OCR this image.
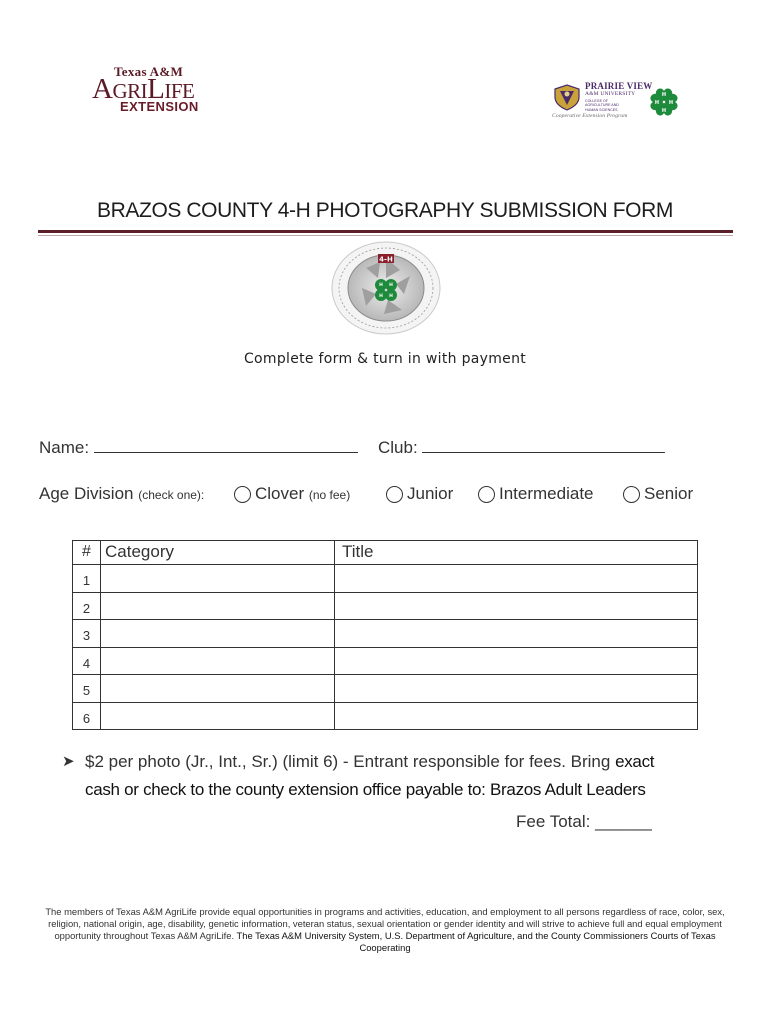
Texas A&M
AGRILIFE
EXTENSION
PRAIRIE VIEW
A&M UNIVERSITY
COLLEGE OF AGRICULTURE AND HUMAN SCIENCES
Cooperative Extension Program
H
H
H H
BRAZOS COUNTY 4-H PHOTOGRAPHY SUBMISSION FORM
4-H
H H
H H
Complete form & turn in with payment
Name:	Club:
Age Division (check one):	Clover (no fee)	Junior	Intermediate	Senior
#	Category	Title
1		
2		
3		
4		
5		
6		
➤ $2 per photo (Jr., Int., Sr.) (limit 6) - Entrant responsible for fees. Bring exact
cash or check to the county extension office payable to: Brazos Adult Leaders
Fee Total: ______
The members of Texas A&M AgriLife provide equal opportunities in programs and activities, education, and employment to all persons regardless of race, color, sex, religion, national origin, age, disability, genetic information, veteran status, sexual orientation or gender identity and will strive to achieve full and equal employment opportunity throughout Texas A&M AgriLife. The Texas A&M University System, U.S. Department of Agriculture, and the County Commissioners Courts of Texas Cooperating
